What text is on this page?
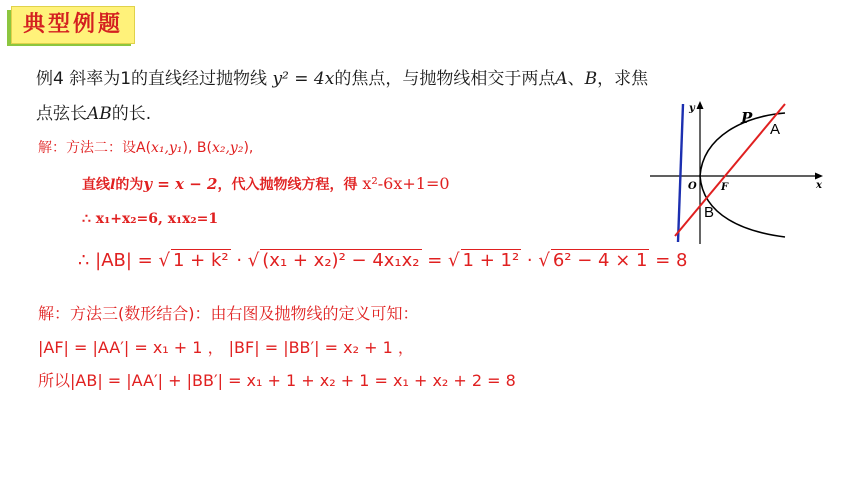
典型例题
例4 斜率为1的直线经过抛物线 y² = 4x的焦点，与抛物线相交于两点A、B，求焦
点弦长AB的长.
解：方法二：设A(x₁,y₁), B(x₂,y₂),
直线l的为y = x − 2，代入抛物线方程，得 x²-6x+1=0
∴ x₁+x₂=6, x₁x₂=1
∴ |AB| = √ 1 + k² · √ (x₁ + x₂)² − 4x₁x₂ = √ 1 + 1² · √ 6² − 4 × 1 = 8
解：方法三(数形结合)：由右图及抛物线的定义可知：
|AF| = |AA′| = x₁ + 1 ， |BF| = |BB′| = x₂ + 1 ，
所以|AB| = |AA′| + |BB′| = x₁ + 1 + x₂ + 1 = x₁ + x₂ + 2 = 8
y
x
O F
P
A
B
